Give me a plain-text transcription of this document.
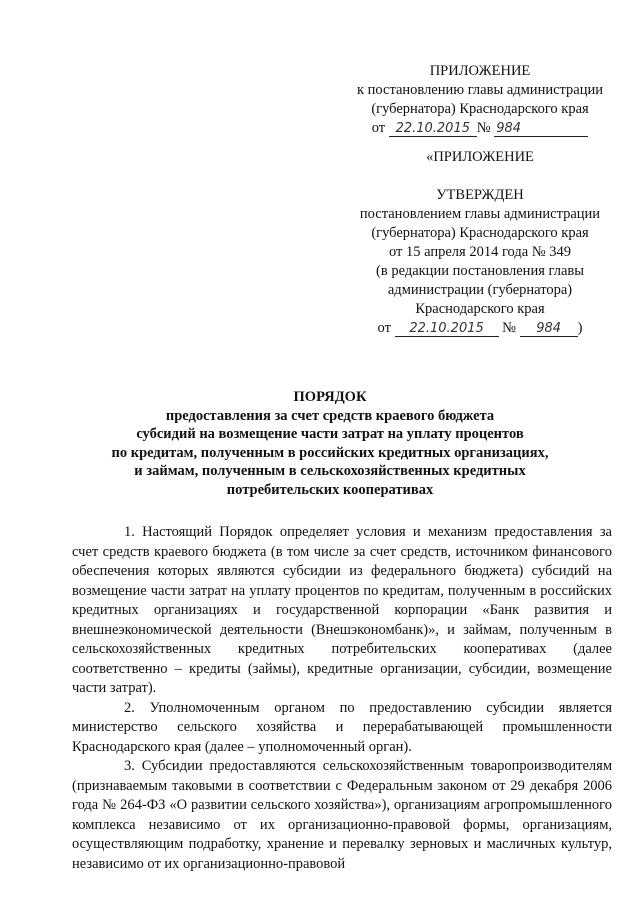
ПРИЛОЖЕНИЕ
к постановлению главы администрации
(губернатора) Краснодарского края
от 22.10.2015 № 984
«ПРИЛОЖЕНИЕ
УТВЕРЖДЕН
постановлением главы администрации
(губернатора) Краснодарского края
от 15 апреля 2014 года № 349
(в редакции постановления главы
администрации (губернатора)
Краснодарского края
от 22.10.2015 № 984 )
ПОРЯДОК
предоставления за счет средств краевого бюджета
субсидий на возмещение части затрат на уплату процентов
по кредитам, полученным в российских кредитных организациях,
и займам, полученным в сельскохозяйственных кредитных
потребительских кооперативах

1. Настоящий Порядок определяет условия и механизм предоставления за счет средств краевого бюджета (в том числе за счет средств, источником финансового обеспечения которых являются субсидии из федерального бюджета) субсидий на возмещение части затрат на уплату процентов по кредитам, полученным в российских кредитных организациях и государственной корпорации «Банк развития и внешнеэкономической деятельности (Внешэкономбанк)», и займам, полученным в сельскохозяйственных кредитных потребительских кооперативах (далее соответственно – кредиты (займы), кредитные организации, субсидии, возмещение части затрат).

2. Уполномоченным органом по предоставлению субсидии является министерство сельского хозяйства и перерабатывающей промышленности Краснодарского края (далее – уполномоченный орган).

3. Субсидии предоставляются сельскохозяйственным товаропроизводителям (признаваемым таковыми в соответствии с Федеральным законом от 29 декабря 2006 года № 264-ФЗ «О развитии сельского хозяйства»), организациям агропромышленного комплекса независимо от их организационно-правовой формы, организациям, осуществляющим подработку, хранение и перевалку зерновых и масличных культур, независимо от их организационно-правовой
